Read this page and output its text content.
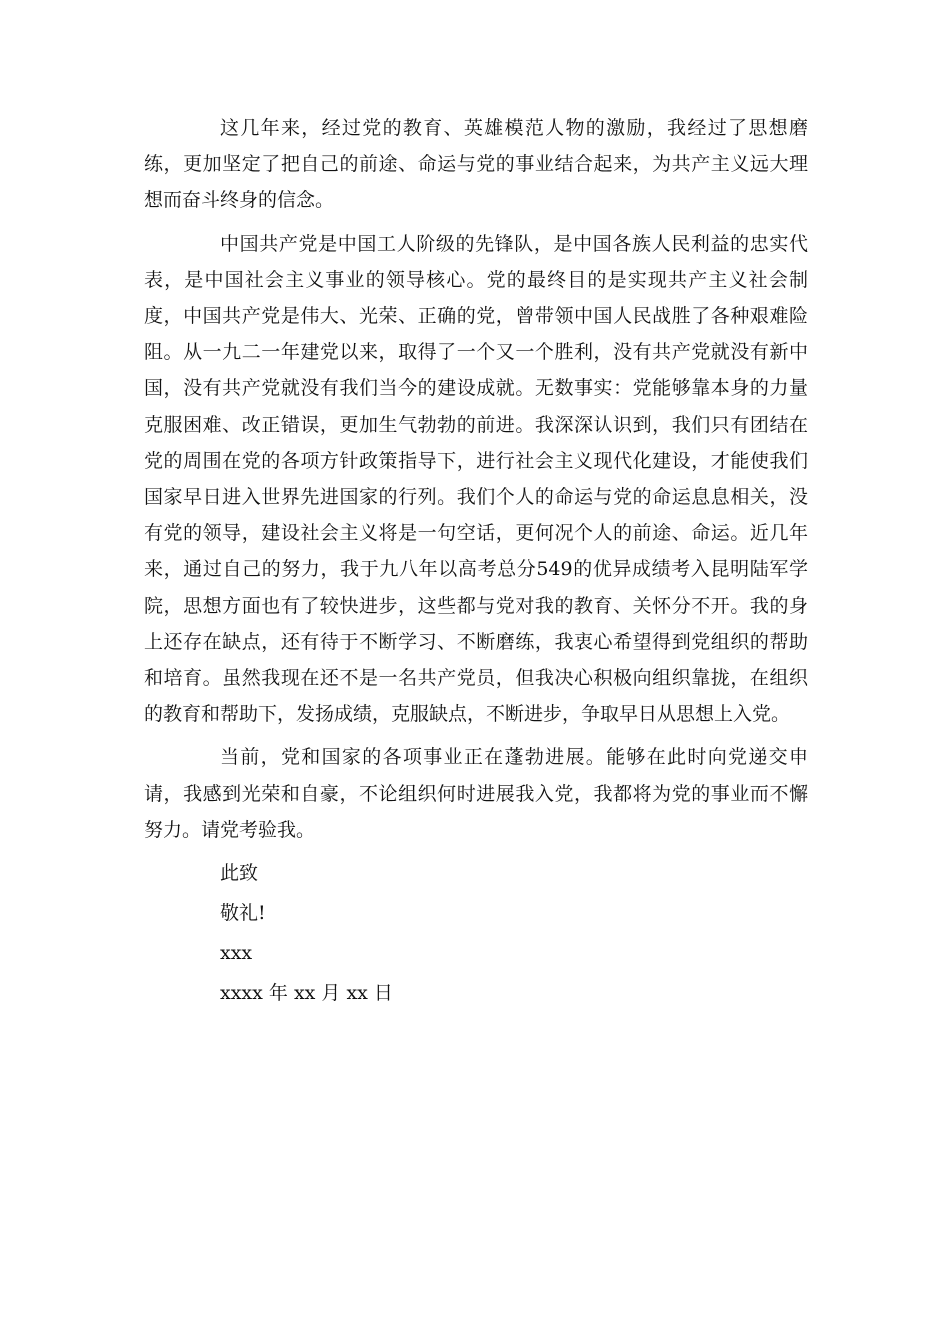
这几年来，经过党的教育、英雄模范人物的激励，我经过了思想磨练，更加坚定了把自己的前途、命运与党的事业结合起来，为共产主义远大理想而奋斗终身的信念。

中国共产党是中国工人阶级的先锋队，是中国各族人民利益的忠实代表，是中国社会主义事业的领导核心。党的最终目的是实现共产主义社会制度，中国共产党是伟大、光荣、正确的党，曾带领中国人民战胜了各种艰难险阻。从一九二一年建党以来，取得了一个又一个胜利，没有共产党就没有新中国，没有共产党就没有我们当今的建设成就。无数事实：党能够靠本身的力量克服困难、改正错误，更加生气勃勃的前进。我深深认识到，我们只有团结在党的周围在党的各项方针政策指导下，进行社会主义现代化建设，才能使我们国家早日进入世界先进国家的行列。我们个人的命运与党的命运息息相关，没有党的领导，建设社会主义将是一句空话，更何况个人的前途、命运。近几年来，通过自己的努力，我于九八年以高考总分549的优异成绩考入昆明陆军学院，思想方面也有了较快进步，这些都与党对我的教育、关怀分不开。我的身上还存在缺点，还有待于不断学习、不断磨练，我衷心希望得到党组织的帮助和培育。虽然我现在还不是一名共产党员，但我决心积极向组织靠拢，在组织的教育和帮助下，发扬成绩，克服缺点，不断进步，争取早日从思想上入党。

当前，党和国家的各项事业正在蓬勃进展。能够在此时向党递交申请，我感到光荣和自豪，不论组织何时进展我入党，我都将为党的事业而不懈努力。请党考验我。

此致
敬礼!
xxx
xxxx 年 xx 月 xx 日
